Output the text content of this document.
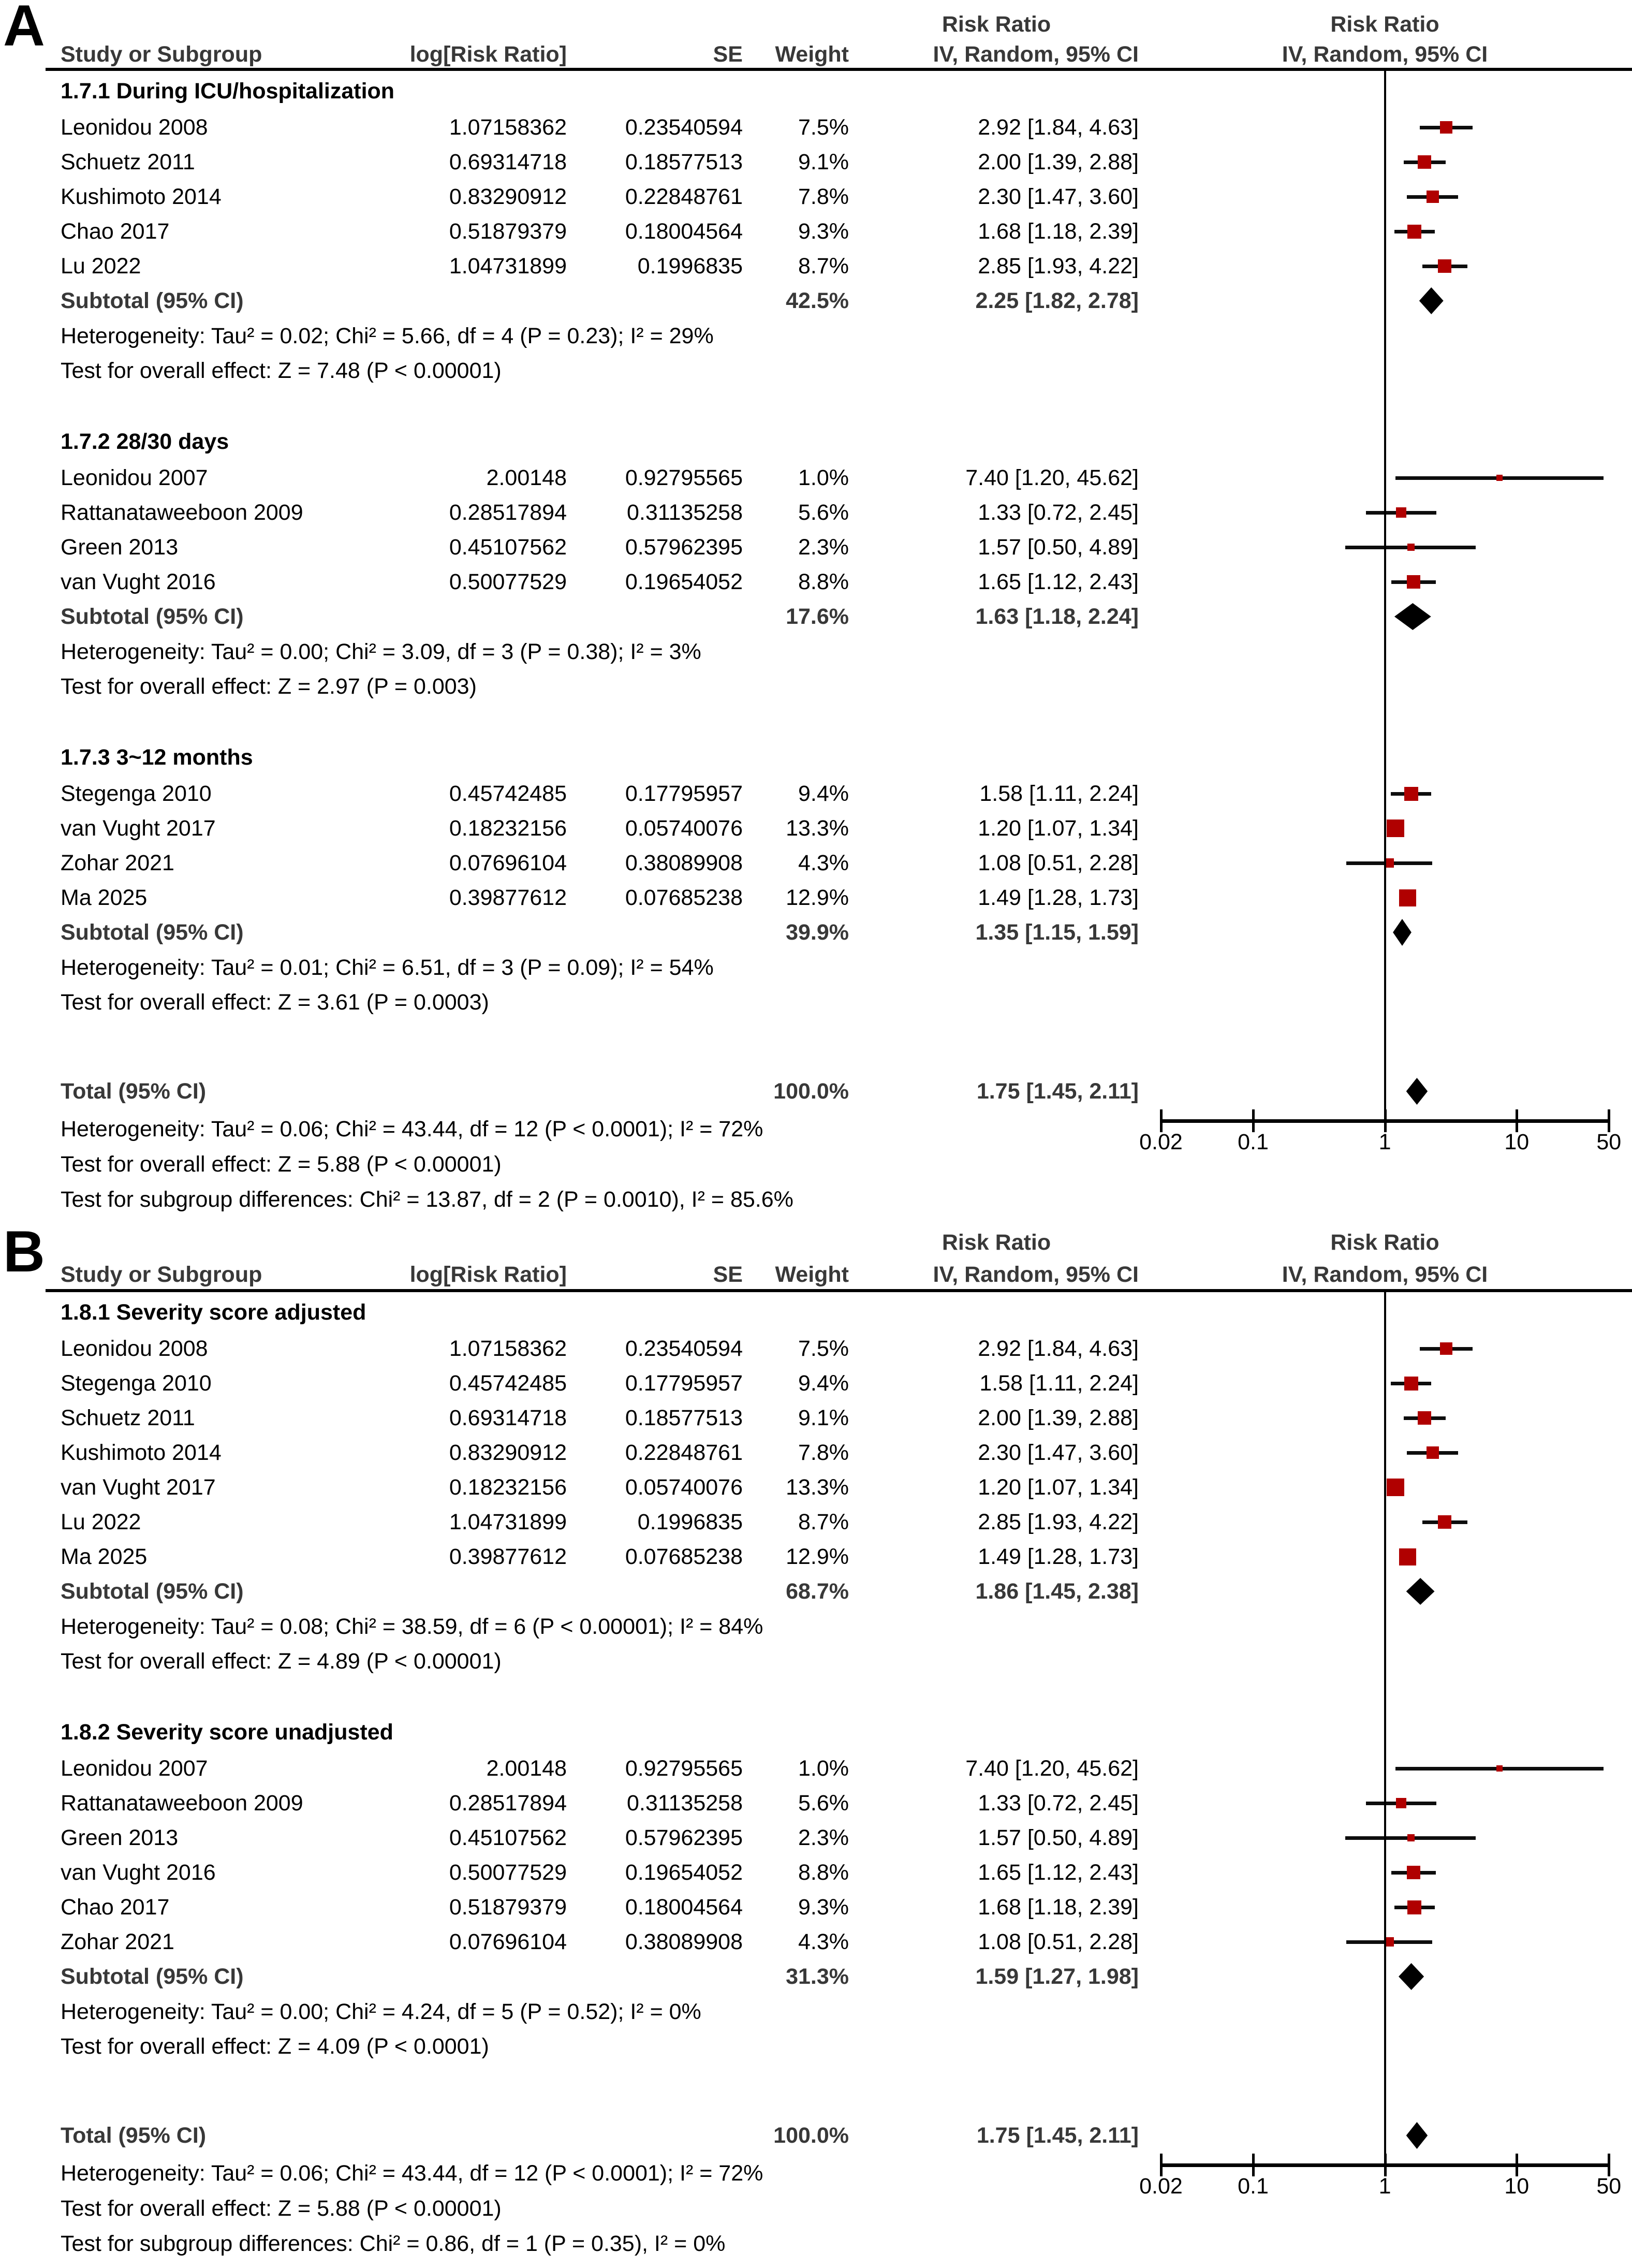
A	Risk Ratio	Risk Ratio
Study or Subgroup	log[Risk Ratio]	SE	Weight	IV, Random, 95% CI	IV, Random, 95% CI
1.7.1 During ICU/hospitalization
Leonidou 2008	1.07158362	0.23540594	7.5%	2.92 [1.84, 4.63]
Schuetz 2011	0.69314718	0.18577513	9.1%	2.00 [1.39, 2.88]
Kushimoto 2014	0.83290912	0.22848761	7.8%	2.30 [1.47, 3.60]
Chao 2017	0.51879379	0.18004564	9.3%	1.68 [1.18, 2.39]
Lu 2022	1.04731899	0.1996835	8.7%	2.85 [1.93, 4.22]
Subtotal (95% CI)	42.5%	2.25 [1.82, 2.78]
Heterogeneity: Tau² = 0.02; Chi² = 5.66, df = 4 (P = 0.23); I² = 29%
Test for overall effect: Z = 7.48 (P < 0.00001)
1.7.2 28/30 days
Leonidou 2007	2.00148	0.92795565	1.0%	7.40 [1.20, 45.62]
Rattanataweeboon 2009	0.28517894	0.31135258	5.6%	1.33 [0.72, 2.45]
Green 2013	0.45107562	0.57962395	2.3%	1.57 [0.50, 4.89]
van Vught 2016	0.50077529	0.19654052	8.8%	1.65 [1.12, 2.43]
Subtotal (95% CI)	17.6%	1.63 [1.18, 2.24]
Heterogeneity: Tau² = 0.00; Chi² = 3.09, df = 3 (P = 0.38); I² = 3%
Test for overall effect: Z = 2.97 (P = 0.003)
1.7.3 3~12 months
Stegenga 2010	0.45742485	0.17795957	9.4%	1.58 [1.11, 2.24]
van Vught 2017	0.18232156	0.05740076	13.3%	1.20 [1.07, 1.34]
Zohar 2021	0.07696104	0.38089908	4.3%	1.08 [0.51, 2.28]
Ma 2025	0.39877612	0.07685238	12.9%	1.49 [1.28, 1.73]
Subtotal (95% CI)	39.9%	1.35 [1.15, 1.59]
Heterogeneity: Tau² = 0.01; Chi² = 6.51, df = 3 (P = 0.09); I² = 54%
Test for overall effect: Z = 3.61 (P = 0.0003)
Total (95% CI)	100.0%	1.75 [1.45, 2.11]
Heterogeneity: Tau² = 0.06; Chi² = 43.44, df = 12 (P < 0.0001); I² = 72%
Test for overall effect: Z = 5.88 (P < 0.00001)
Test for subgroup differences: Chi² = 13.87, df = 2 (P = 0.0010), I² = 85.6%
0.02	0.1	1	10	50
B	Risk Ratio	Risk Ratio
Study or Subgroup	log[Risk Ratio]	SE	Weight	IV, Random, 95% CI	IV, Random, 95% CI
1.8.1 Severity score adjusted
Leonidou 2008	1.07158362	0.23540594	7.5%	2.92 [1.84, 4.63]
Stegenga 2010	0.45742485	0.17795957	9.4%	1.58 [1.11, 2.24]
Schuetz 2011	0.69314718	0.18577513	9.1%	2.00 [1.39, 2.88]
Kushimoto 2014	0.83290912	0.22848761	7.8%	2.30 [1.47, 3.60]
van Vught 2017	0.18232156	0.05740076	13.3%	1.20 [1.07, 1.34]
Lu 2022	1.04731899	0.1996835	8.7%	2.85 [1.93, 4.22]
Ma 2025	0.39877612	0.07685238	12.9%	1.49 [1.28, 1.73]
Subtotal (95% CI)	68.7%	1.86 [1.45, 2.38]
Heterogeneity: Tau² = 0.08; Chi² = 38.59, df = 6 (P < 0.00001); I² = 84%
Test for overall effect: Z = 4.89 (P < 0.00001)
1.8.2 Severity score unadjusted
Leonidou 2007	2.00148	0.92795565	1.0%	7.40 [1.20, 45.62]
Rattanataweeboon 2009	0.28517894	0.31135258	5.6%	1.33 [0.72, 2.45]
Green 2013	0.45107562	0.57962395	2.3%	1.57 [0.50, 4.89]
van Vught 2016	0.50077529	0.19654052	8.8%	1.65 [1.12, 2.43]
Chao 2017	0.51879379	0.18004564	9.3%	1.68 [1.18, 2.39]
Zohar 2021	0.07696104	0.38089908	4.3%	1.08 [0.51, 2.28]
Subtotal (95% CI)	31.3%	1.59 [1.27, 1.98]
Heterogeneity: Tau² = 0.00; Chi² = 4.24, df = 5 (P = 0.52); I² = 0%
Test for overall effect: Z = 4.09 (P < 0.0001)
Total (95% CI)	100.0%	1.75 [1.45, 2.11]
Heterogeneity: Tau² = 0.06; Chi² = 43.44, df = 12 (P < 0.0001); I² = 72%
Test for overall effect: Z = 5.88 (P < 0.00001)
Test for subgroup differences: Chi² = 0.86, df = 1 (P = 0.35), I² = 0%
0.02	0.1	1	10	50
